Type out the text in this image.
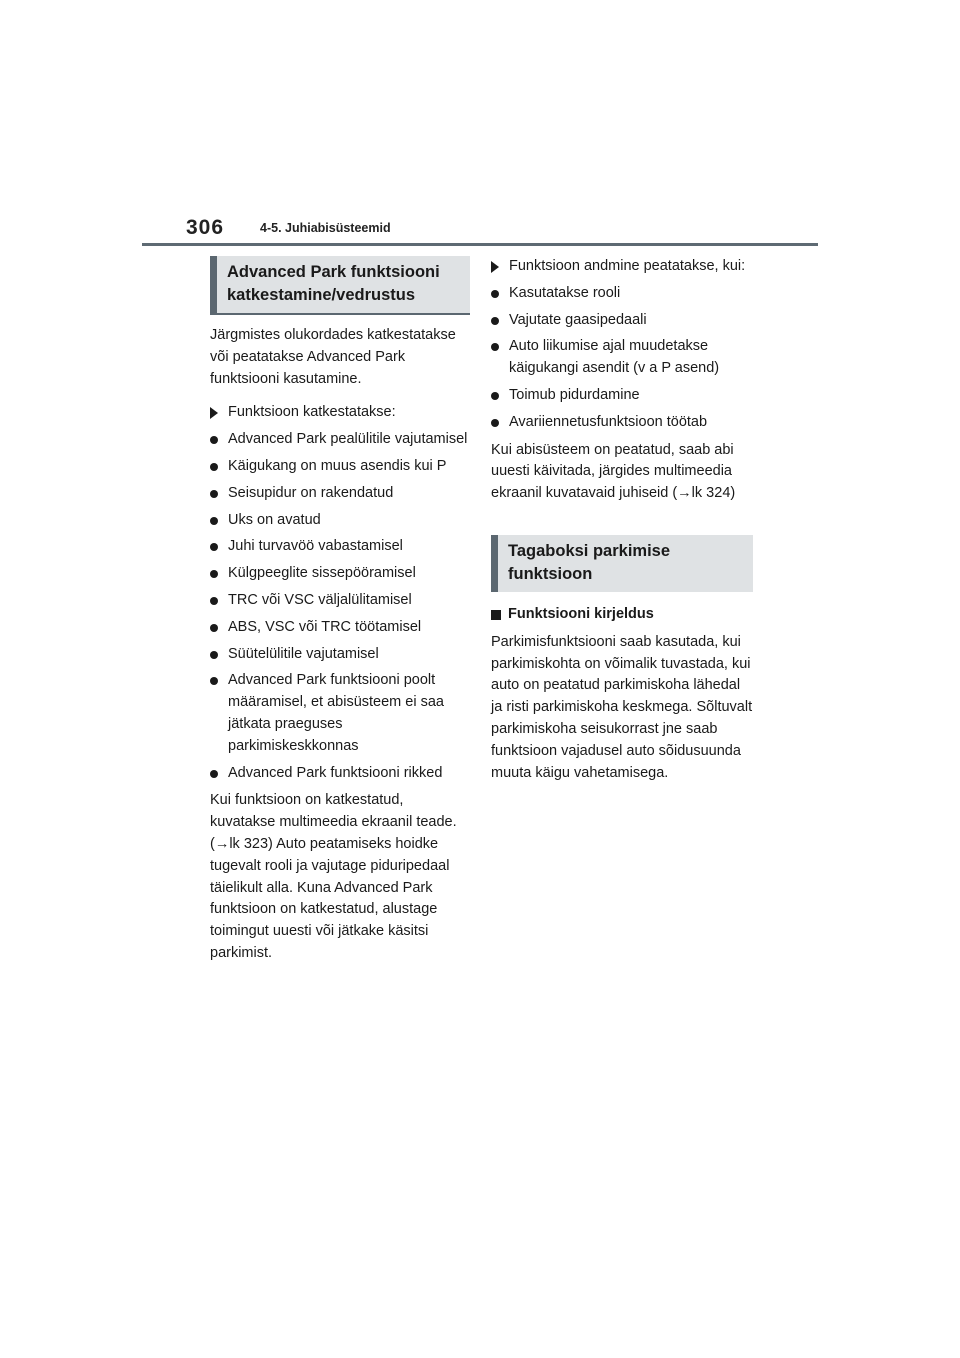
306	4-5. Juhiabisüsteemid
Advanced Park funktsiooni katkestamine/vedrustus

Järgmistes olukordades katkestatakse või peatatakse Advanced Park funktsiooni kasutamine.

Funktsioon katkestatakse:
Advanced Park pealülitile vajutamisel
Käigukang on muus asendis kui P
Seisupidur on rakendatud
Uks on avatud
Juhi turvavöö vabastamisel
Külgpeeglite sissepööramisel
TRC või VSC väljalülitamisel
ABS, VSC või TRC töötamisel
Süütelülitile vajutamisel
Advanced Park funktsiooni poolt määramisel, et abisüsteem ei saa jätkata praeguses parkimiskeskkonnas
Advanced Park funktsiooni rikked

Kui funktsioon on katkestatud, kuvatakse multimeedia ekraanil teade. (→lk 323) Auto peatamiseks hoidke tugevalt rooli ja vajutage piduripedaal täielikult alla. Kuna Advanced Park funktsioon on katkestatud, alustage toimingut uuesti või jätkake käsitsi parkimist.

Funktsioon andmine peatatakse, kui:
Kasutatakse rooli
Vajutate gaasipedaali
Auto liikumise ajal muudetakse käigukangi asendit (v a P asend)
Toimub pidurdamine
Avariiennetusfunktsioon töötab

Kui abisüsteem on peatatud, saab abi uuesti käivitada, järgides multimeedia ekraanil kuvatavaid juhiseid (→lk 324)

Tagaboksi parkimise funktsioon
Funktsiooni kirjeldus

Parkimisfunktsiooni saab kasutada, kui parkimiskohta on võimalik tuvastada, kui auto on peatatud parkimiskoha lähedal ja risti parkimiskoha keskmega. Sõltuvalt parkimiskoha seisukorrast jne saab funktsioon vajadusel auto sõidusuunda muuta käigu vahetamisega.
